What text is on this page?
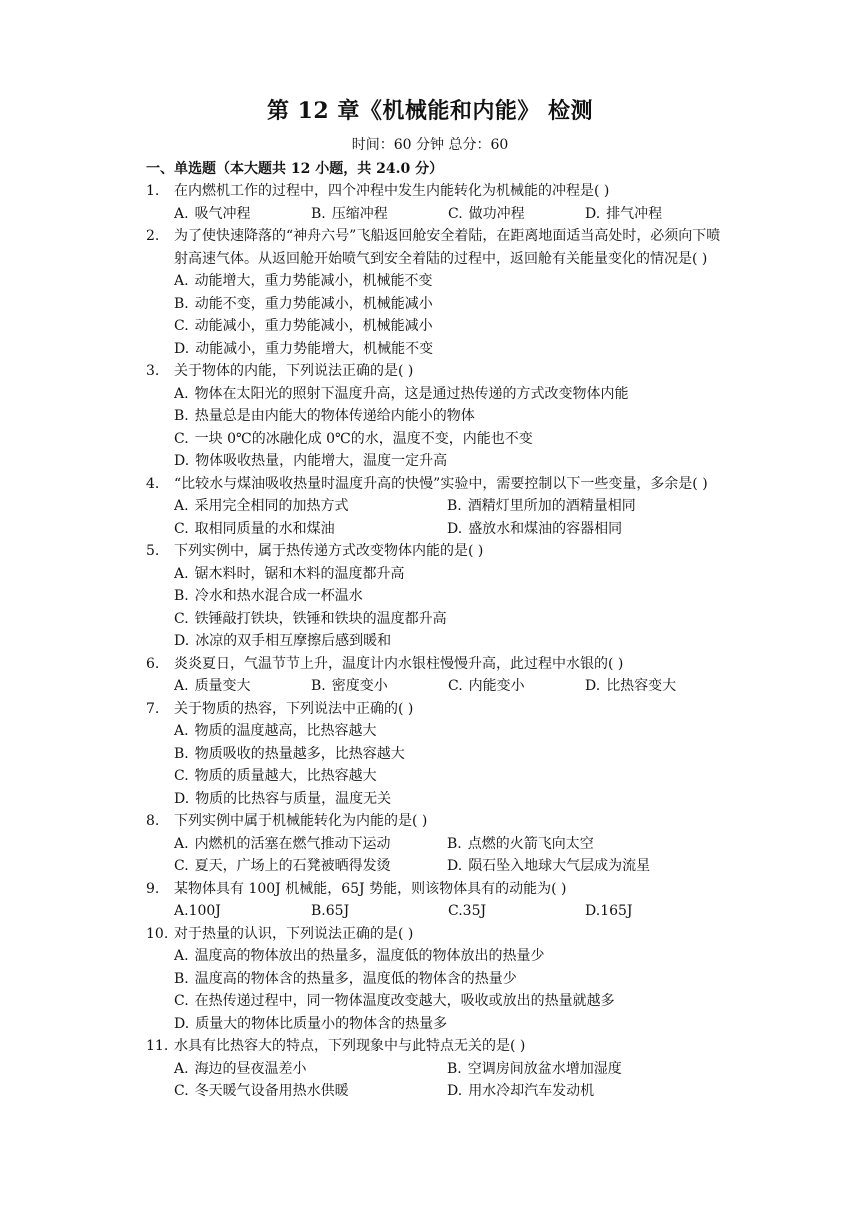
第 12 章《机械能和内能》 检测
时间：60 分钟 总分：60
一、单选题（本大题共 12 小题，共 24.0 分）
1.	在内燃机工作的过程中，四个冲程中发生内能转化为机械能的冲程是( )
A. 吸气冲程	B. 压缩冲程	C. 做功冲程	D. 排气冲程
2.	为了使快速降落的“神舟六号”飞船返回舱安全着陆，在距离地面适当高处时，必须向下喷射高速气体。从返回舱开始喷气到安全着陆的过程中，返回舱有关能量变化的情况是( )
A. 动能增大，重力势能减小，机械能不变
B. 动能不变，重力势能减小，机械能减小
C. 动能减小，重力势能减小，机械能减小
D. 动能减小，重力势能增大，机械能不变
3.	关于物体的内能，下列说法正确的是( )
A. 物体在太阳光的照射下温度升高，这是通过热传递的方式改变物体内能
B. 热量总是由内能大的物体传递给内能小的物体
C. 一块 0℃的冰融化成 0℃的水，温度不变，内能也不变
D. 物体吸收热量，内能增大，温度一定升高
4.	“比较水与煤油吸收热量时温度升高的快慢”实验中，需要控制以下一些变量，多余是( )
A. 采用完全相同的加热方式	B. 酒精灯里所加的酒精量相同
C. 取相同质量的水和煤油	D. 盛放水和煤油的容器相同
5.	下列实例中，属于热传递方式改变物体内能的是( )
A. 锯木料时，锯和木料的温度都升高
B. 冷水和热水混合成一杯温水
C. 铁锤敲打铁块，铁锤和铁块的温度都升高
D. 冰凉的双手相互摩擦后感到暖和
6.	炎炎夏日，气温节节上升，温度计内水银柱慢慢升高，此过程中水银的( )
A. 质量变大	B. 密度变小	C. 内能变小	D. 比热容变大
7.	关于物质的热容，下列说法中正确的( )
A. 物质的温度越高，比热容越大
B. 物质吸收的热量越多，比热容越大
C. 物质的质量越大，比热容越大
D. 物质的比热容与质量，温度无关
8.	下列实例中属于机械能转化为内能的是( )
A. 内燃机的活塞在燃气推动下运动	B. 点燃的火箭飞向太空
C. 夏天，广场上的石凳被晒得发烫	D. 陨石坠入地球大气层成为流星
9.	某物体具有 100J 机械能，65J 势能，则该物体具有的动能为( )
A.100J	B.65J	C.35J	D.165J
10. 对于热量的认识，下列说法正确的是( )
A. 温度高的物体放出的热量多，温度低的物体放出的热量少
B. 温度高的物体含的热量多，温度低的物体含的热量少
C. 在热传递过程中，同一物体温度改变越大，吸收或放出的热量就越多
D. 质量大的物体比质量小的物体含的热量多
11. 水具有比热容大的特点，下列现象中与此特点无关的是( )
A. 海边的昼夜温差小	B. 空调房间放盆水增加湿度
C. 冬天暖气设备用热水供暖	D. 用水冷却汽车发动机
